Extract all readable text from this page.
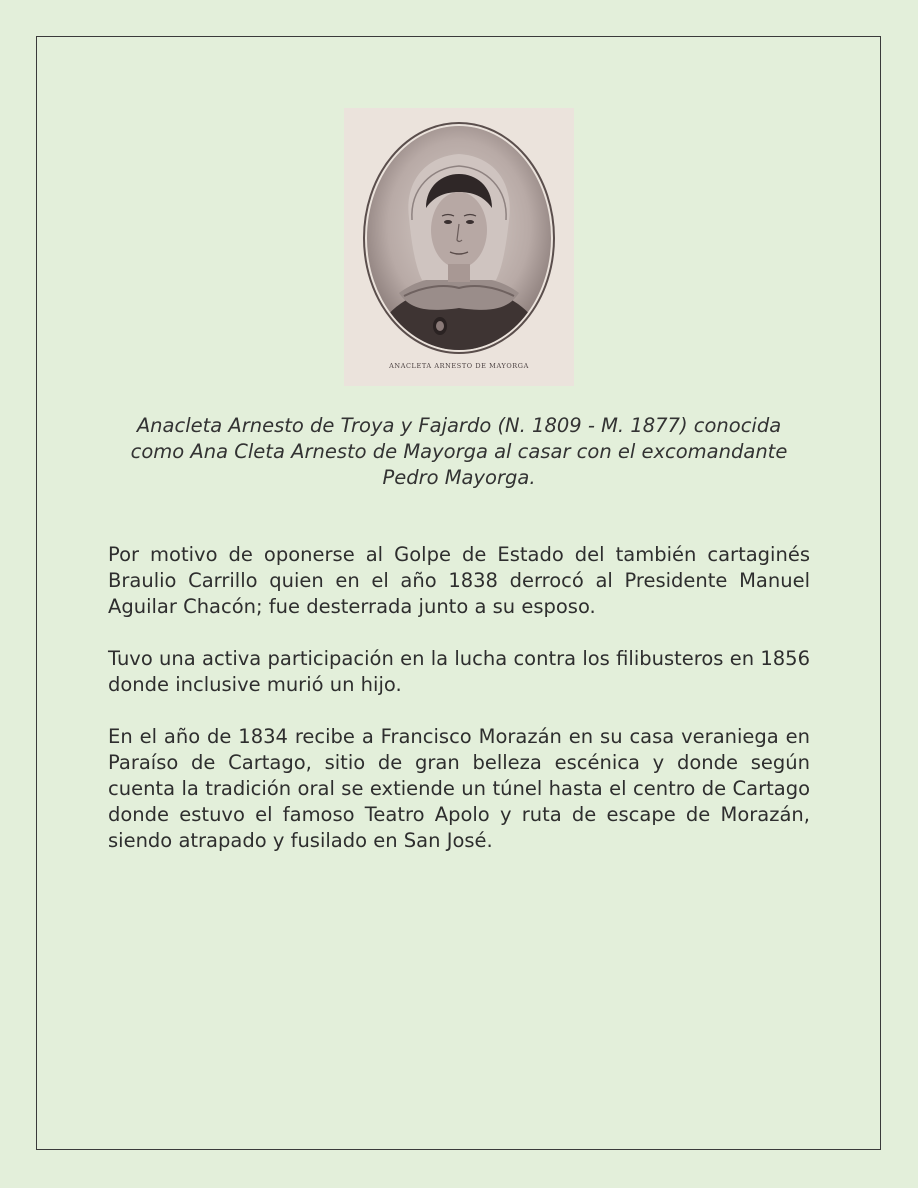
ANACLETA ARNESTO DE MAYORGA
Anacleta Arnesto de Troya y Fajardo (N. 1809 - M. 1877) conocida como Ana Cleta Arnesto de Mayorga al casar con el excomandante Pedro Mayorga.

Por motivo de oponerse al Golpe de Estado del también cartaginés Braulio Carrillo quien en el año 1838 derrocó al Presidente Manuel Aguilar Chacón; fue desterrada junto a su esposo.

Tuvo una activa participación en la lucha contra los filibusteros en 1856 donde inclusive murió un hijo.

En el año de 1834 recibe a Francisco Morazán en su casa veraniega en Paraíso de Cartago, sitio de gran belleza escénica y donde según cuenta la tradición oral se extiende un túnel hasta el centro de Cartago donde estuvo el famoso Teatro Apolo y ruta de escape de Morazán, siendo atrapado y fusilado en San José.
